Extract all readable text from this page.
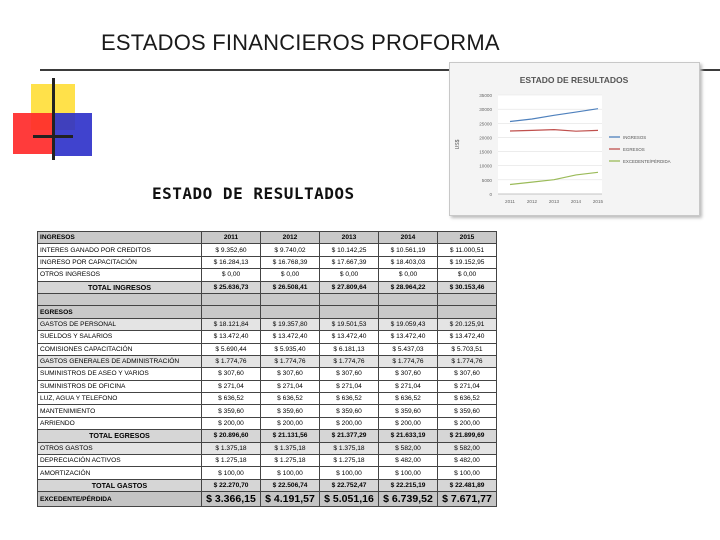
ESTADOS FINANCIEROS PROFORMA
ESTADO DE RESULTADOS
ESTADO DE RESULTADOS
35000
30000
25000
20000
15000
10000
5000
0
US$
2011	2012	2013	2014	2015
INGRESOS
EGRESOS
EXCEDENTE/PÉRDIDA
INGRESOS	2011	2012	2013	2014	2015
INTERES GANADO POR CREDITOS	$ 9.352,60	$ 9.740,02	$ 10.142,25	$ 10.561,19	$ 11.000,51
INGRESO POR CAPACITACIÓN	$ 16.284,13	$ 16.768,39	$ 17.667,39	$ 18.403,03	$ 19.152,95
OTROS INGRESOS	$ 0,00	$ 0,00	$ 0,00	$ 0,00	$ 0,00
TOTAL INGRESOS	$ 25.636,73	$ 26.508,41	$ 27.809,64	$ 28.964,22	$ 30.153,46

EGRESOS					
GASTOS DE PERSONAL	$ 18.121,84	$ 19.357,80	$ 19.501,53	$ 19.059,43	$ 20.125,91
SUELDOS Y SALARIOS	$ 13.472,40	$ 13.472,40	$ 13.472,40	$ 13.472,40	$ 13.472,40
COMISIONES CAPACITACIÓN	$ 5.690,44	$ 5.935,40	$ 6.181,13	$ 5.437,03	$ 5.703,51
GASTOS GENERALES DE ADMINISTRACIÓN	$ 1.774,76	$ 1.774,76	$ 1.774,76	$ 1.774,76	$ 1.774,76
SUMINISTROS DE ASEO Y VARIOS	$ 307,60	$ 307,60	$ 307,60	$ 307,60	$ 307,60
SUMINISTROS DE OFICINA	$ 271,04	$ 271,04	$ 271,04	$ 271,04	$ 271,04
LUZ, AGUA Y TELEFONO	$ 636,52	$ 636,52	$ 636,52	$ 636,52	$ 636,52
MANTENIMIENTO	$ 359,60	$ 359,60	$ 359,60	$ 359,60	$ 359,60
ARRIENDO	$ 200,00	$ 200,00	$ 200,00	$ 200,00	$ 200,00
TOTAL EGRESOS	$ 20.896,60	$ 21.131,56	$ 21.377,29	$ 21.633,19	$ 21.899,69
OTROS GASTOS	$ 1.375,18	$ 1.375,18	$ 1.375,18	$ 582,00	$ 582,00
DEPRECIACIÓN ACTIVOS	$ 1.275,18	$ 1.275,18	$ 1.275,18	$ 482,00	$ 482,00
AMORTIZACIÓN	$ 100,00	$ 100,00	$ 100,00	$ 100,00	$ 100,00
TOTAL GASTOS	$ 22.270,70	$ 22.506,74	$ 22.752,47	$ 22.215,19	$ 22.481,89
EXCEDENTE/PÉRDIDA	$ 3.366,15	$ 4.191,57	$ 5.051,16	$ 6.739,52	$ 7.671,77
